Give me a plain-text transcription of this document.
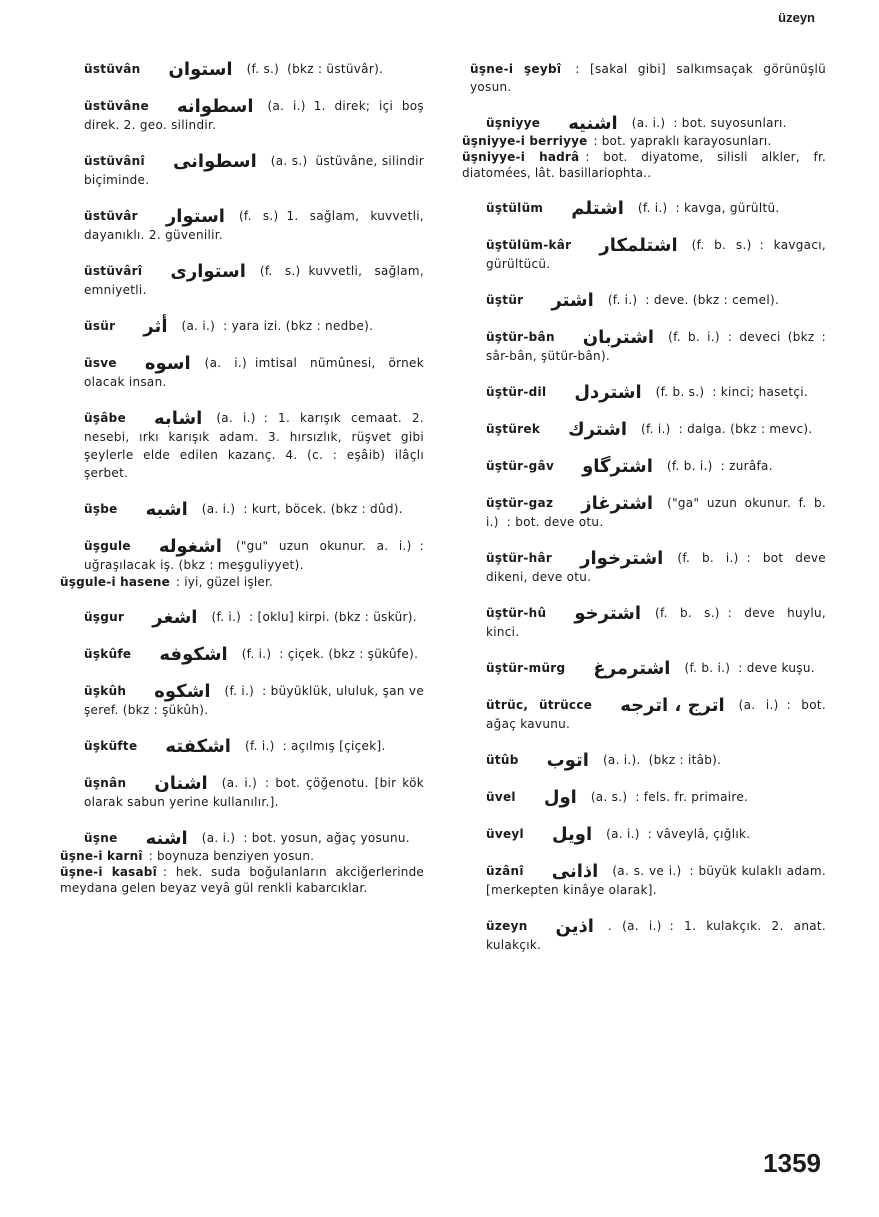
üzeyn
üstüvân استوان (f. s.) (bkz : üstüvâr).
üstüvâne اسطوانه (a. i.) 1. direk; içi boş direk. 2. geo. silindir.
üstüvânî اسطوانى (a. s.) üstüvâne, silindir biçiminde.
üstüvâr استوار (f. s.) 1. sağlam, kuvvetli, dayanıklı. 2. güvenilir.
üstüvârî استوارى (f. s.) kuvvetli, sağlam, emniyetli.
üsür أثر (a. i.) : yara izi. (bkz : nedbe).
üsve اسوه (a. i.) imtisal nümûnesi, örnek olacak insan.
üşâbe اشابه (a. i.) : 1. karışık cemaat. 2. nesebi, ırkı karışık adam. 3. hırsızlık, rüşvet gibi şeylerle elde edilen kazanç. 4. (c. : eşâib) ilâçlı şerbet.
üşbe اشبه (a. i.) : kurt, böcek. (bkz : dûd).
üşgule اشغوله ("gu" uzun okunur. a. i.) : uğraşılacak iş. (bkz : meşguliyyet).
üşgule-i hasene : iyi, güzel işler.
üşgur اشغر (f. i.) : [oklu] kirpi. (bkz : üskür).
üşkûfe اشكوفه (f. i.) : çiçek. (bkz : şükûfe).
üşkûh اشكوه (f. i.) : büyüklük, ululuk, şan ve şeref. (bkz : şükûh).
üşküfte اشكفته (f. i.) : açılmış [çiçek].
üşnân اشنان (a. i.) : bot. çöğenotu. [bir kök olarak sabun yerine kullanılır.].
üşne اشنه (a. i.) : bot. yosun, ağaç yosunu.
üşne-i karnî : boynuza benziyen yosun.
üşne-i kasabî : hek. suda boğulanların akciğerlerinde meydana gelen beyaz veyâ gül renkli kabarcıklar.
üşne-i şeybî : [sakal gibi] salkımsaçak görünüşlü yosun.
üşniyye اشنيه (a. i.) : bot. suyosunları.
üşniyye-i berriyye : bot. yapraklı karayosunları.
üşniyye-i hadrâ : bot. diyatome, silisli alkler, fr. diatomées, lât. basillariophta..
üştülüm اشتلم (f. i.) : kavga, gürültü.
üştülüm-kâr اشتلمكار (f. b. s.) : kavgacı, gürültücü.
üştür اشتر (f. i.) : deve. (bkz : cemel).
üştür-bân اشتربان (f. b. i.) : deveci (bkz : sâr-bân, şütür-bân).
üştür-dil اشتردل (f. b. s.) : kinci; hasetçi.
üştürek اشترك (f. i.) : dalga. (bkz : mevc).
üştür-gâv اشترگاو (f. b. i.) : zurâfa.
üştür-gaz اشترغاز ("ga" uzun okunur. f. b. i.) : bot. deve otu.
üştür-hâr اشترخوار (f. b. i.) : bot deve dikeni, deve otu.
üştür-hû اشترخو (f. b. s.) : deve huylu, kinci.
üştür-mürg اشترمرغ (f. b. i.) : deve kuşu.
ütrüc, ütrücce اترج ، اترجه (a. i.) : bot. ağaç kavunu.
ütûb اتوب (a. i.). (bkz : itâb).
üvel اول (a. s.) : fels. fr. primaire.
üveyl اويل (a. i.) : vâveylâ, çığlık.
üzânî اذانى (a. s. ve i.) : büyük kulaklı adam. [merkepten kinâye olarak].
üzeyn اذين . (a. i.) : 1. kulakçık. 2. anat. kulakçık.
1359
